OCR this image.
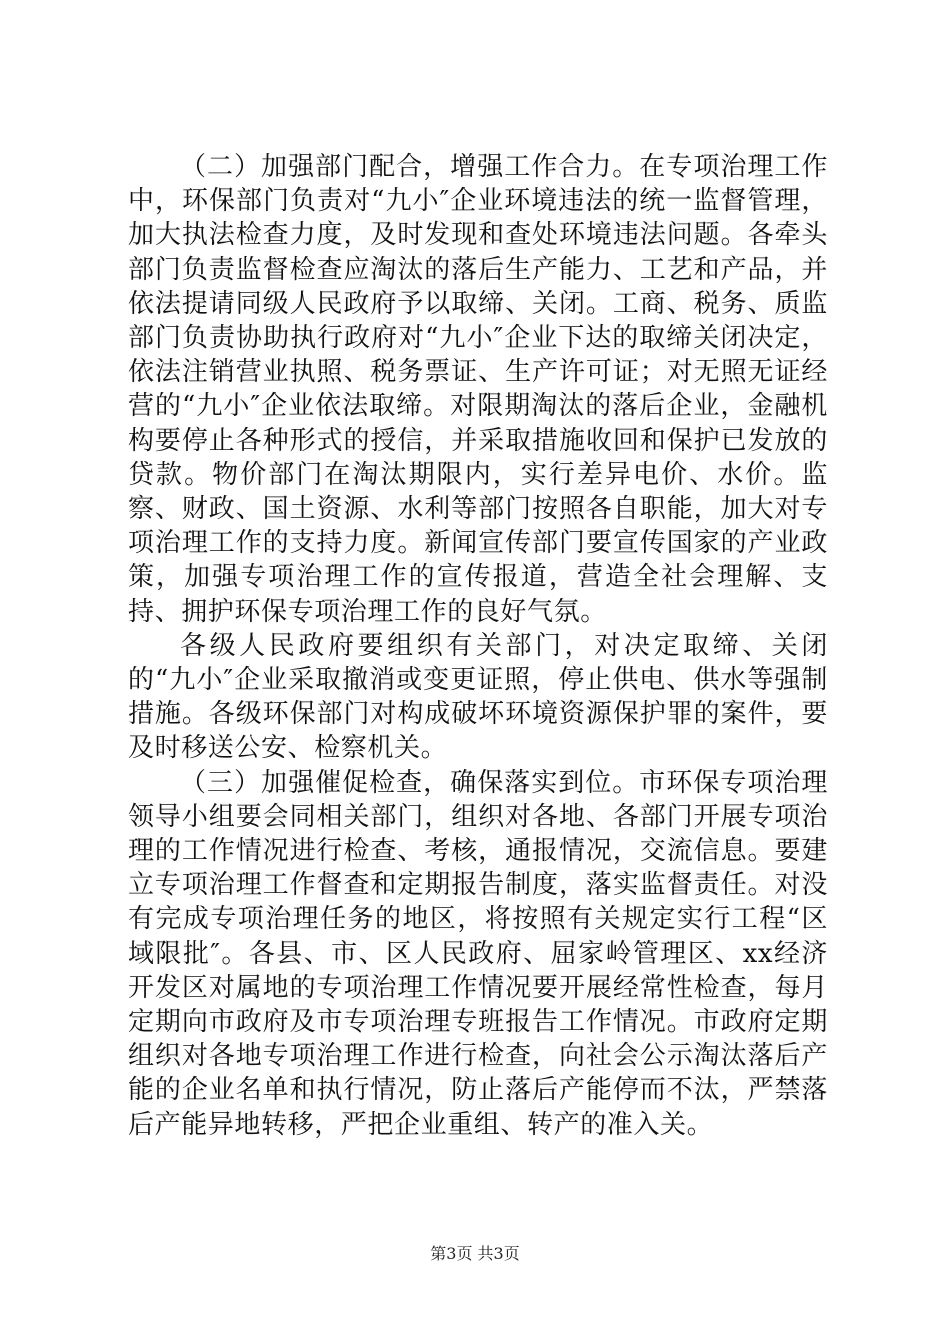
（二）加强部门配合，增强工作合力。在专项治理工作中，环保部门负责对“九小″企业环境违法的统一监督管理，加大执法检查力度，及时发现和查处环境违法问题。各牵头部门负责监督检查应淘汰的落后生产能力、工艺和产品，并依法提请同级人民政府予以取缔、关闭。工商、税务、质监部门负责协助执行政府对“九小″企业下达的取缔关闭决定，依法注销营业执照、税务票证、生产许可证；对无照无证经营的“九小″企业依法取缔。对限期淘汰的落后企业，金融机构要停止各种形式的授信，并采取措施收回和保护已发放的贷款。物价部门在淘汰期限内，实行差异电价、水价。监察、财政、国土资源、水利等部门按照各自职能，加大对专项治理工作的支持力度。新闻宣传部门要宣传国家的产业政策，加强专项治理工作的宣传报道，营造全社会理解、支持、拥护环保专项治理工作的良好气氛。

各级人民政府要组织有关部门，对决定取缔、关闭的“九小″企业采取撤消或变更证照，停止供电、供水等强制措施。各级环保部门对构成破坏环境资源保护罪的案件，要及时移送公安、检察机关。

（三）加强催促检查，确保落实到位。市环保专项治理领导小组要会同相关部门，组织对各地、各部门开展专项治理的工作情况进行检查、考核，通报情况，交流信息。要建立专项治理工作督查和定期报告制度，落实监督责任。对没有完成专项治理任务的地区，将按照有关规定实行工程“区域限批″。各县、市、区人民政府、屈家岭管理区、xx经济开发区对属地的专项治理工作情况要开展经常性检查，每月定期向市政府及市专项治理专班报告工作情况。市政府定期组织对各地专项治理工作进行检查，向社会公示淘汰落后产能的企业名单和执行情况，防止落后产能停而不汰，严禁落后产能异地转移，严把企业重组、转产的准入关。

第3页 共3页
